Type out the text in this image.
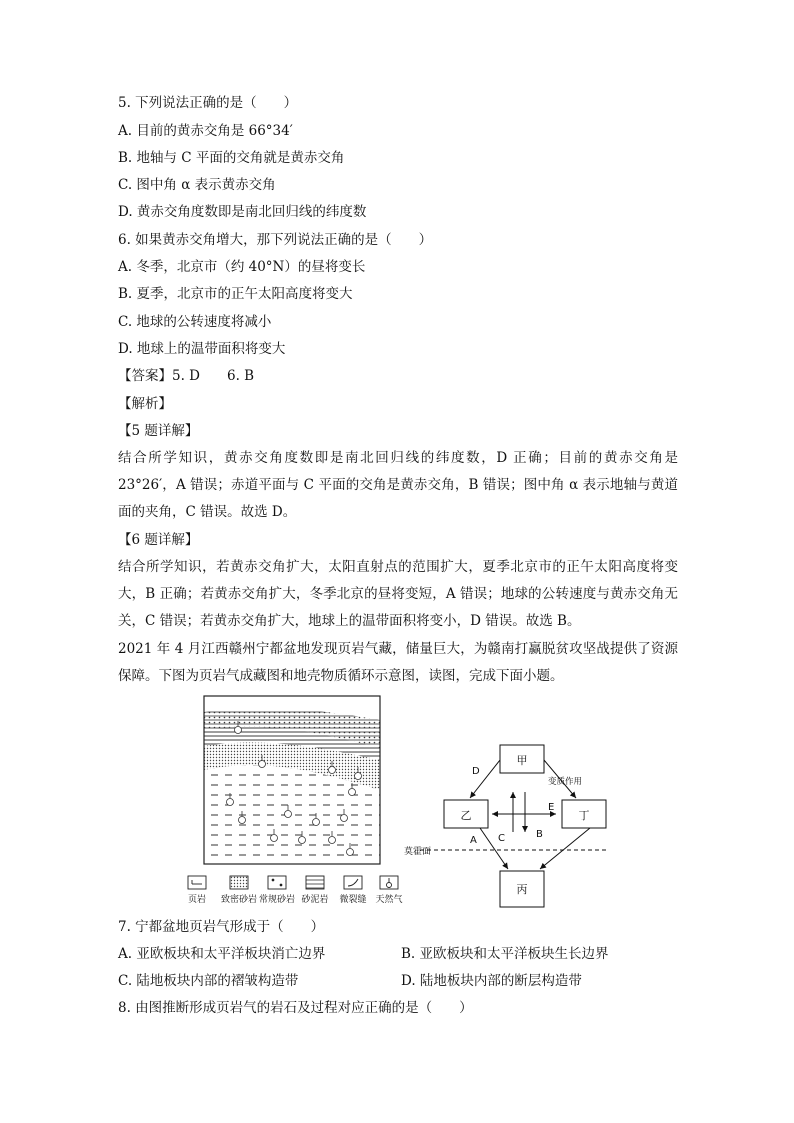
5. 下列说法正确的是（　　）
A. 目前的黄赤交角是 66°34′
B. 地轴与 C 平面的交角就是黄赤交角
C. 图中角 α 表示黄赤交角
D. 黄赤交角度数即是南北回归线的纬度数
6. 如果黄赤交角增大，那下列说法正确的是（　　）
A. 冬季，北京市（约 40°N）的昼将变长
B. 夏季，北京市的正午太阳高度将变大
C. 地球的公转速度将减小
D. 地球上的温带面积将变大
【答案】5. D　　6. B
【解析】
【5 题详解】
结合所学知识，黄赤交角度数即是南北回归线的纬度数，D 正确；目前的黄赤交角是 23°26′，A 错误；赤道平面与 C 平面的交角是黄赤交角，B 错误；图中角 α 表示地轴与黄道面的夹角，C 错误。故选 D。
【6 题详解】
结合所学知识，若黄赤交角扩大，太阳直射点的范围扩大，夏季北京市的正午太阳高度将变大，B 正确；若黄赤交角扩大，冬季北京的昼将变短，A 错误；地球的公转速度与黄赤交角无关，C 错误；若黄赤交角扩大，地球上的温带面积将变小，D 错误。故选 B。
2021 年 4 月江西赣州宁都盆地发现页岩气藏，储量巨大，为赣南打赢脱贫攻坚战提供了资源保障。下图为页岩气成藏图和地壳物质循环示意图，读图，完成下面小题。
页岩 致密砂岩 常规砂岩 砂泥岩 微裂缝 天然气
甲
乙	丁
丙
D
变质作用
E
C	B
A
莫霍面
7. 宁都盆地页岩气形成于（　　）
A. 亚欧板块和太平洋板块消亡边界	B. 亚欧板块和太平洋板块生长边界
C. 陆地板块内部的褶皱构造带	D. 陆地板块内部的断层构造带
8. 由图推断形成页岩气的岩石及过程对应正确的是（　　）
